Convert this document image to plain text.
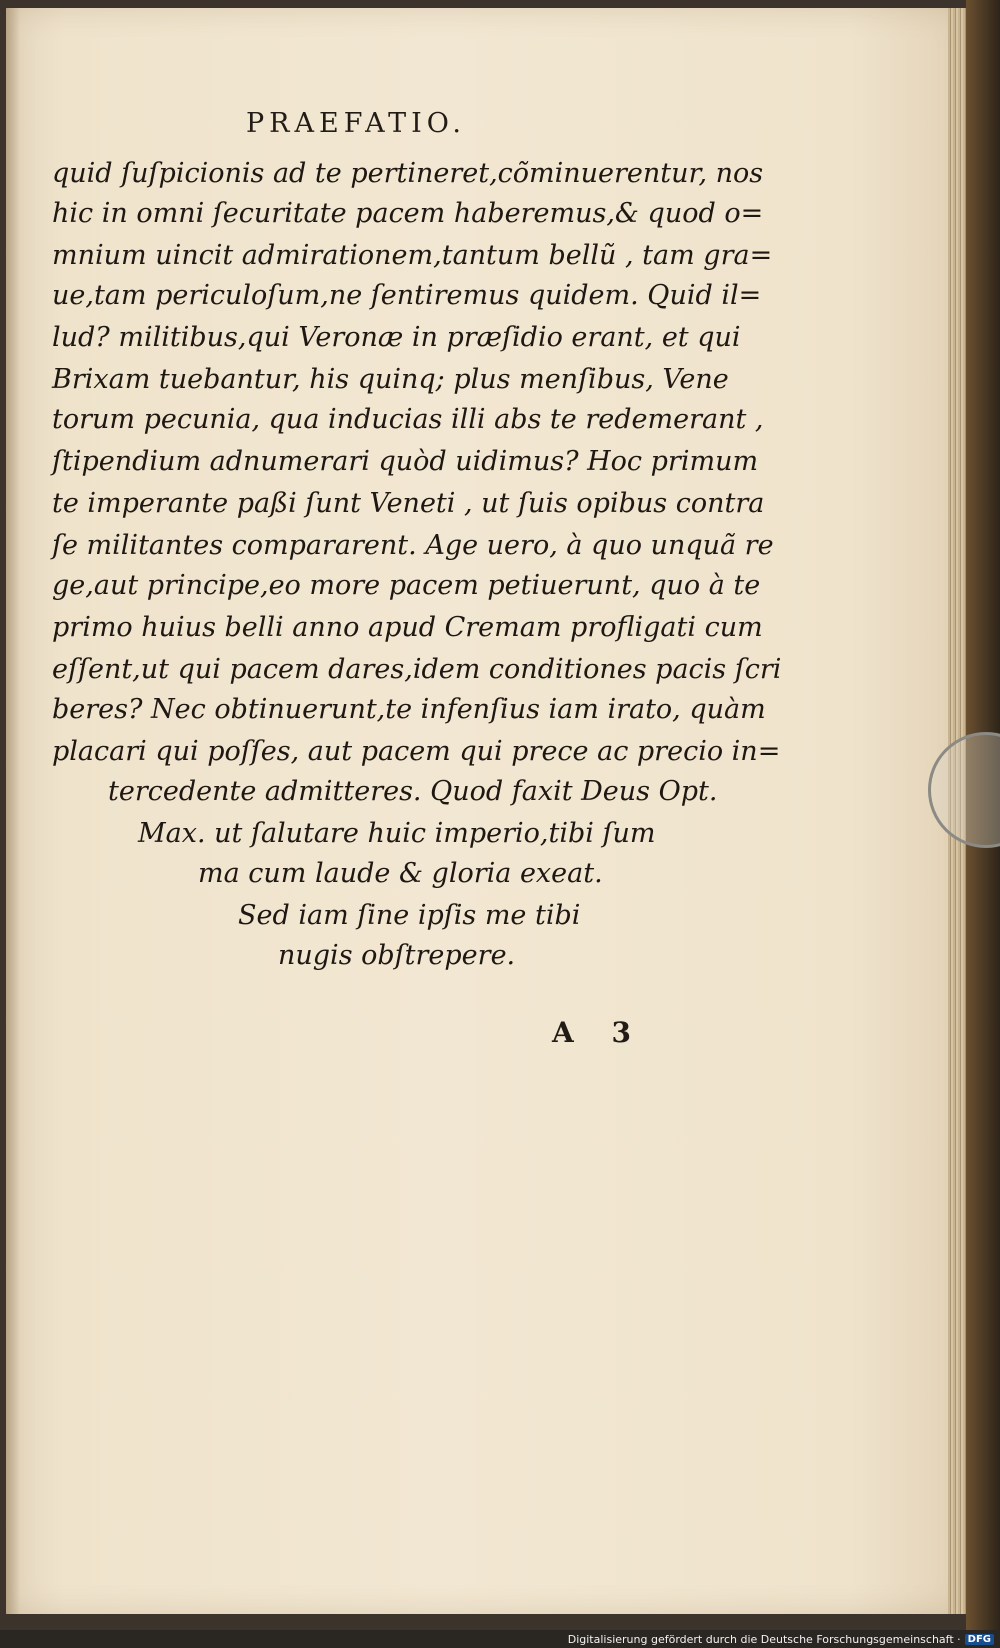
PRAEFATIO.
quid ſuſpicionis ad te pertineret,cõminuerentur, nos
hic in omni ſecuritate pacem haberemus,& quod o=
mnium uincit admirationem,tantum bellũ , tam gra=
ue,tam periculoſum,ne ſentiremus quidem. Quid il=
lud? militibus,qui Veronæ in præſidio erant, et qui
Brixam tuebantur, his quinq; plus menſibus, Vene
torum pecunia, qua inducias illi abs te redemerant ,
ſtipendium adnumerari quòd uidimus? Hoc primum
te imperante paßi ſunt Veneti , ut ſuis opibus contra
ſe militantes compararent. Age uero, à quo unquã re
ge,aut principe,eo more pacem petiuerunt, quo à te
primo huius belli anno apud Cremam profligati cum
eſſent,ut qui pacem dares,idem conditiones pacis ſcri
beres? Nec obtinuerunt,te infenſius iam irato, quàm
placari qui poſſes, aut pacem qui prece ac precio in=
tercedente admitteres. Quod faxit Deus Opt.
Max. ut ſalutare huic imperio,tibi ſum
ma cum laude & gloria exeat.
Sed iam ſine ipſis me tibi
nugis obſtrepere.
A 3
Digitalisierung gefördert durch die Deutsche Forschungsgemeinschaft · DFG
